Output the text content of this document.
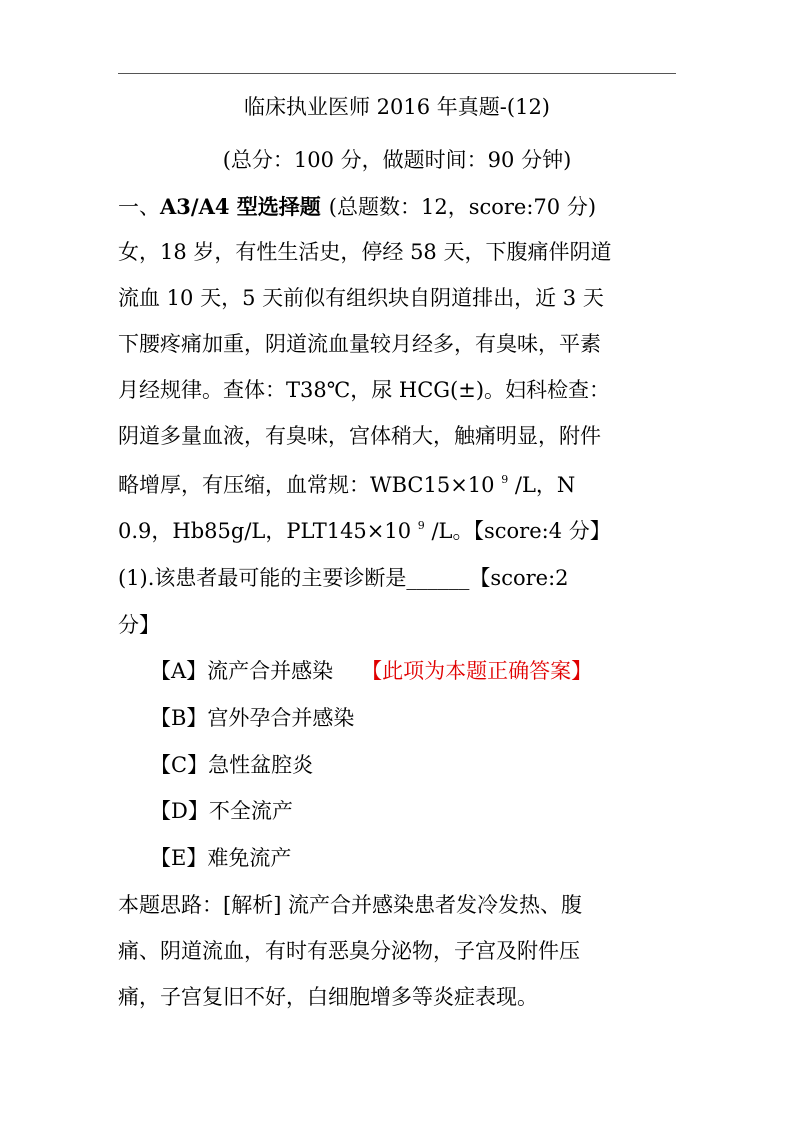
临床执业医师 2016 年真题-(12)
(总分：100 分，做题时间：90 分钟)
一、A3/A4 型选择题 (总题数：12，score:70 分)
女，18 岁，有性生活史，停经 58 天，下腹痛伴阴道
流血 10 天，5 天前似有组织块自阴道排出，近 3 天
下腰疼痛加重，阴道流血量较月经多，有臭味，平素
月经规律。查体：T38℃，尿 HCG(±)。妇科检查：
阴道多量血液，有臭味，宫体稍大，触痛明显，附件
略增厚，有压缩，血常规：WBC15×10 $^9$ /L，N
0.9，Hb85g/L，PLT145×10 $^9$ /L。【score:4 分】
(1).该患者最可能的主要诊断是______【score:2
分】
【A】流产合并感染 【此项为本题正确答案】
【B】宫外孕合并感染
【C】急性盆腔炎
【D】不全流产
【E】难免流产
本题思路：[解析] 流产合并感染患者发冷发热、腹
痛、阴道流血，有时有恶臭分泌物，子宫及附件压
痛，子宫复旧不好，白细胞增多等炎症表现。
